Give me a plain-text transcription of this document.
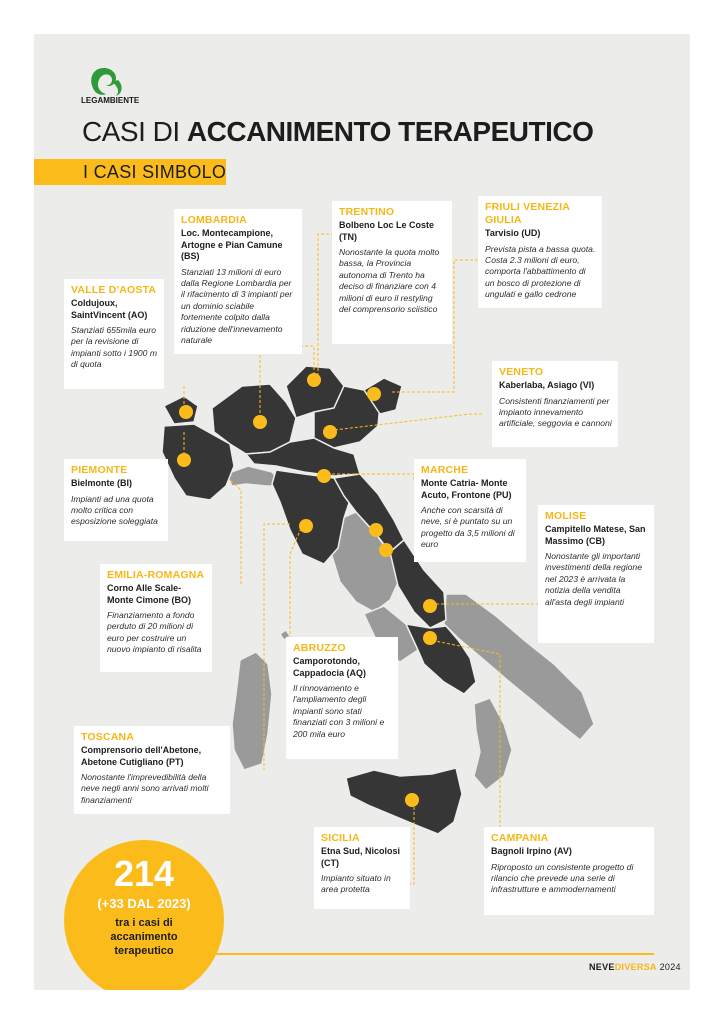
LEGAMBIENTE
CASI DI ACCANIMENTO TERAPEUTICO
I CASI SIMBOLO
LOMBARDIA
Loc. Montecampione, Artogne e Pian Camune (BS)
Stanziati 13 milioni di euro dalla Regione Lombardia per il rifacimento di 3 impianti per un dominio sciabile fortemente colpito dalla riduzione dell'innevamento naturale
TRENTINO
Bolbeno Loc Le Coste (TN)
Nonostante la quota molto bassa, la Provincia autonoma di Trento ha deciso di finanziare con 4 milioni di euro il restyling del comprensorio sciistico
FRIULI VENEZIA GIULIA
Tarvisio (UD)
Prevista pista a bassa quota. Costa 2.3 milioni di euro, comporta l'abbattimento di un bosco di protezione di ungulati e gallo cedrone
VALLE D'AOSTA
Coldujoux, SaintVincent (AO)
Stanziati 655mila euro per la revisione di impianti sotto i 1900 m di quota
VENETO
Kaberlaba, Asiago (VI)
Consistenti finanziamenti per impianto innevamento artificiale, seggovia e cannoni
PIEMONTE
Bielmonte (BI)
Impianti ad una quota molto critica con esposizione soleggiata
MARCHE
Monte Catria- Monte Acuto, Frontone (PU)
Anche con scarsità di neve, si è puntato su un progetto da 3,5 milioni di euro
MOLISE
Campitello Matese, San Massimo (CB)
Nonostante gli importanti investimenti della regione nel 2023 è arrivata la notizia della vendita all'asta degli impianti
EMILIA-ROMAGNA
Corno Alle Scale- Monte Cimone (BO)
Finanziamento a fondo perduto di 20 milioni di euro per costruire un nuovo impianto di risalita	ABRUZZO
Camporotondo, Cappadocia (AQ)
Il rinnovamento e l'ampliamento degli impianti sono stati finanziati con 3 milioni e 200 mila euro
TOSCANA
Comprensorio dell'Abetone, Abetone Cutigliano (PT)
Nonostante l'imprevedibilità della neve negli anni sono arrivati molti finanziamenti
SICILIA
Etna Sud, Nicolosi (CT)
Impianto situato in area protetta
CAMPANIA
Bagnoli Irpino (AV)
Riproposto un consistente progetto di rilancio che prevede una serie di infrastrutture e ammodernamenti
214
(+33 DAL 2023)
tra i casi di accanimento terapeutico
NEVEDIVERSA 2024
